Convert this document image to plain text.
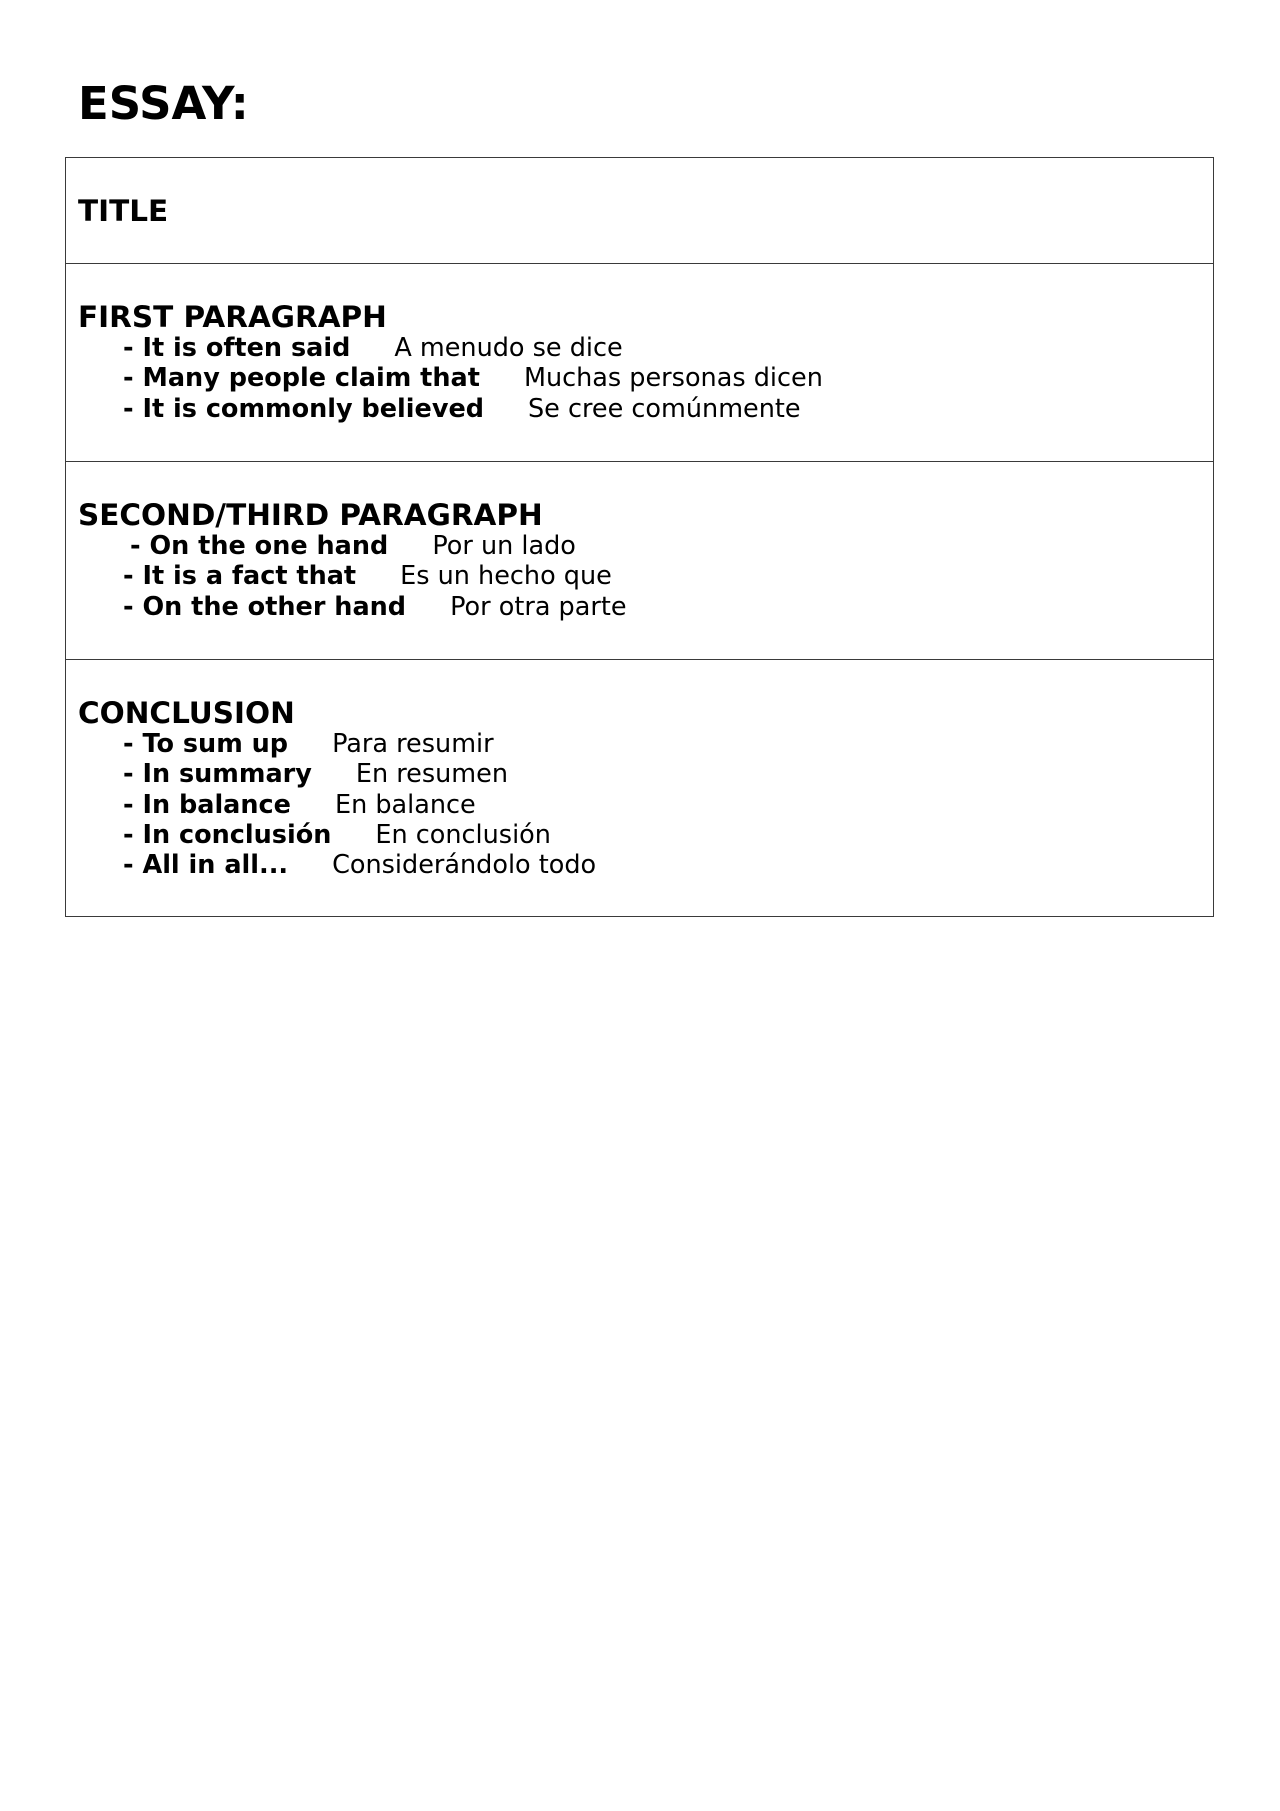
ESSAY:
TITLE
FIRST PARAGRAPH
- It is often said A menudo se dice
- Many people claim that Muchas personas dicen
- It is commonly believed Se cree comúnmente
SECOND/THIRD PARAGRAPH
- On the one hand Por un lado
- It is a fact that Es un hecho que
- On the other hand Por otra parte
CONCLUSION
- To sum up Para resumir
- In summary En resumen
- In balance En balance
- In conclusión En conclusión
- All in all... Considerándolo todo
